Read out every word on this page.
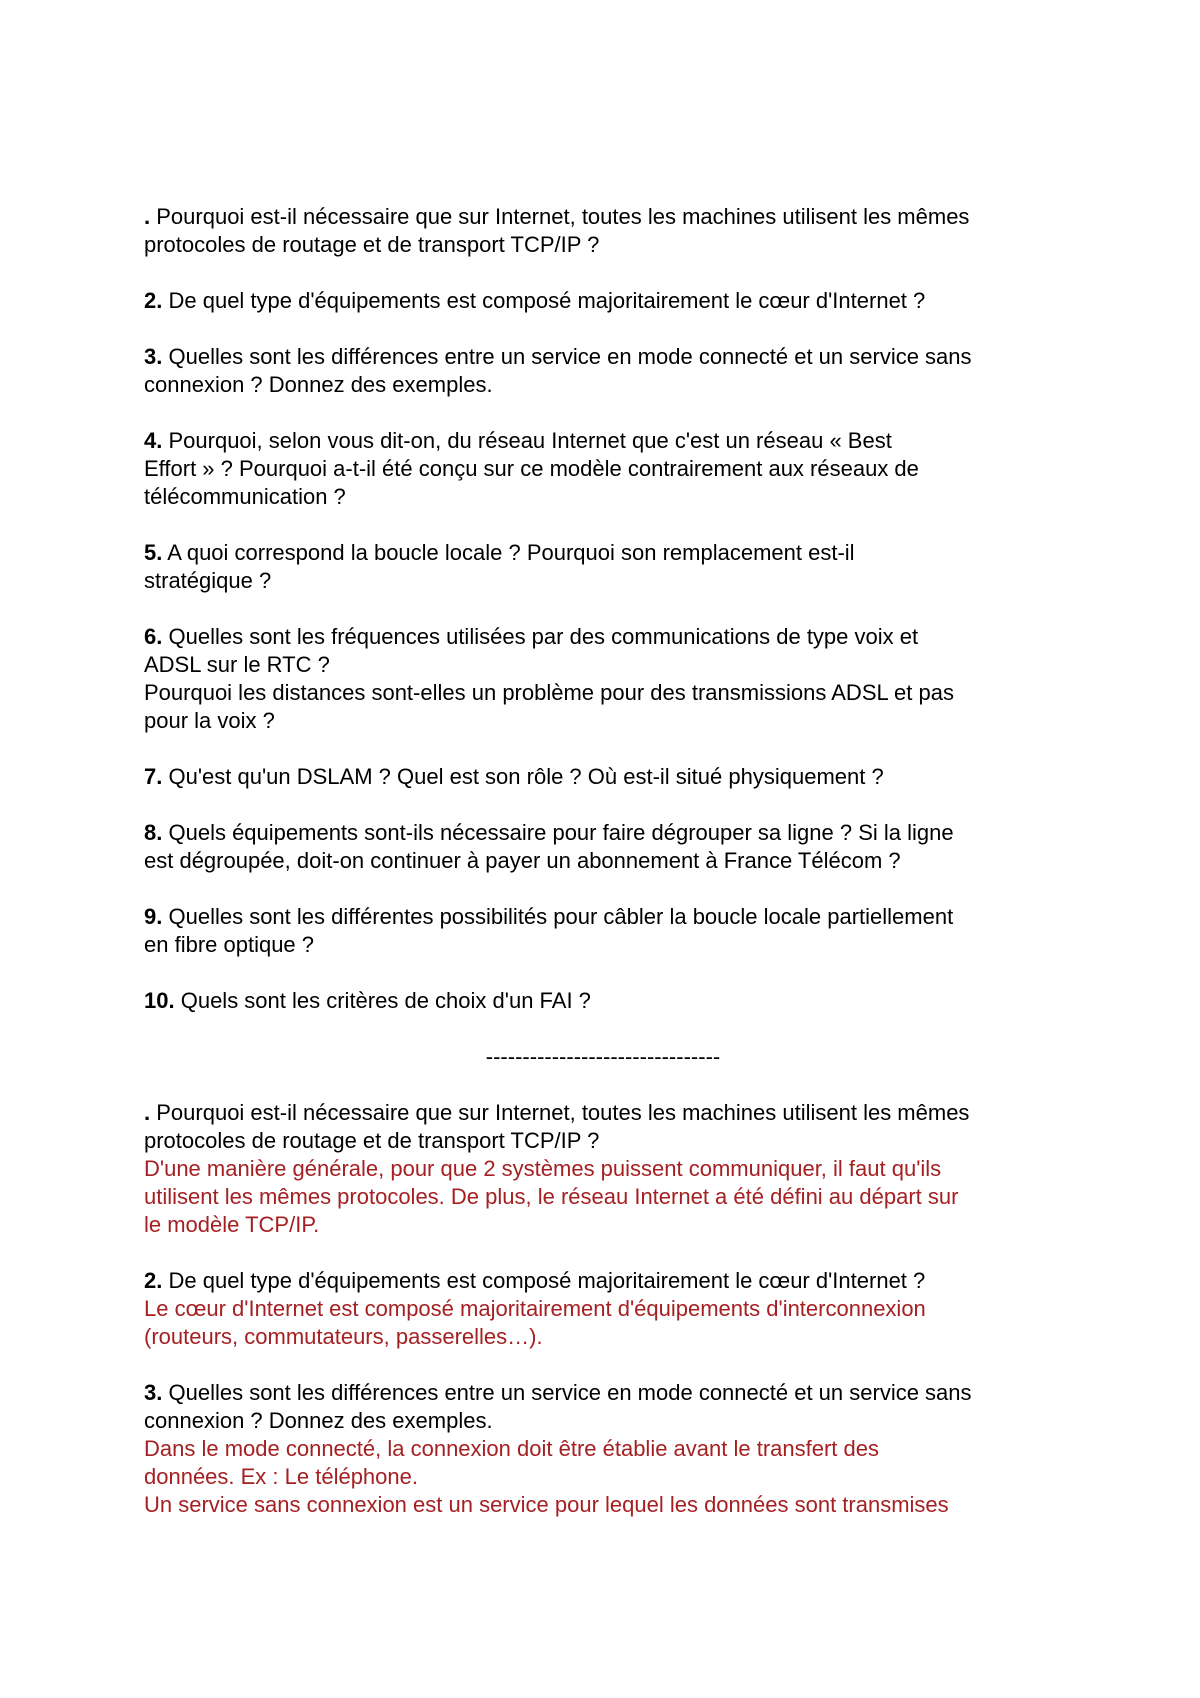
. Pourquoi est-il nécessaire que sur Internet, toutes les machines utilisent les mêmes
protocoles de routage et de transport TCP/IP ?
2. De quel type d'équipements est composé majoritairement le cœur d'Internet ?
3. Quelles sont les différences entre un service en mode connecté et un service sans
connexion ? Donnez des exemples.
4. Pourquoi, selon vous dit-on, du réseau Internet que c'est un réseau « Best
Effort » ? Pourquoi a-t-il été conçu sur ce modèle contrairement aux réseaux de
télécommunication ?
5. A quoi correspond la boucle locale ? Pourquoi son remplacement est-il
stratégique ?
6. Quelles sont les fréquences utilisées par des communications de type voix et
ADSL sur le RTC ?
Pourquoi les distances sont-elles un problème pour des transmissions ADSL et pas
pour la voix ?
7. Qu'est qu'un DSLAM ? Quel est son rôle ? Où est-il situé physiquement ?
8. Quels équipements sont-ils nécessaire pour faire dégrouper sa ligne ? Si la ligne
est dégroupée, doit-on continuer à payer un abonnement à France Télécom ?
9. Quelles sont les différentes possibilités pour câbler la boucle locale partiellement
en fibre optique ?
10. Quels sont les critères de choix d'un FAI ?
--------------------------------
. Pourquoi est-il nécessaire que sur Internet, toutes les machines utilisent les mêmes
protocoles de routage et de transport TCP/IP ?
D'une manière générale, pour que 2 systèmes puissent communiquer, il faut qu'ils
utilisent les mêmes protocoles. De plus, le réseau Internet a été défini au départ sur
le modèle TCP/IP.
2. De quel type d'équipements est composé majoritairement le cœur d'Internet ?
Le cœur d'Internet est composé majoritairement d'équipements d'interconnexion
(routeurs, commutateurs, passerelles…).
3. Quelles sont les différences entre un service en mode connecté et un service sans
connexion ? Donnez des exemples.
Dans le mode connecté, la connexion doit être établie avant le transfert des
données. Ex : Le téléphone.
Un service sans connexion est un service pour lequel les données sont transmises
